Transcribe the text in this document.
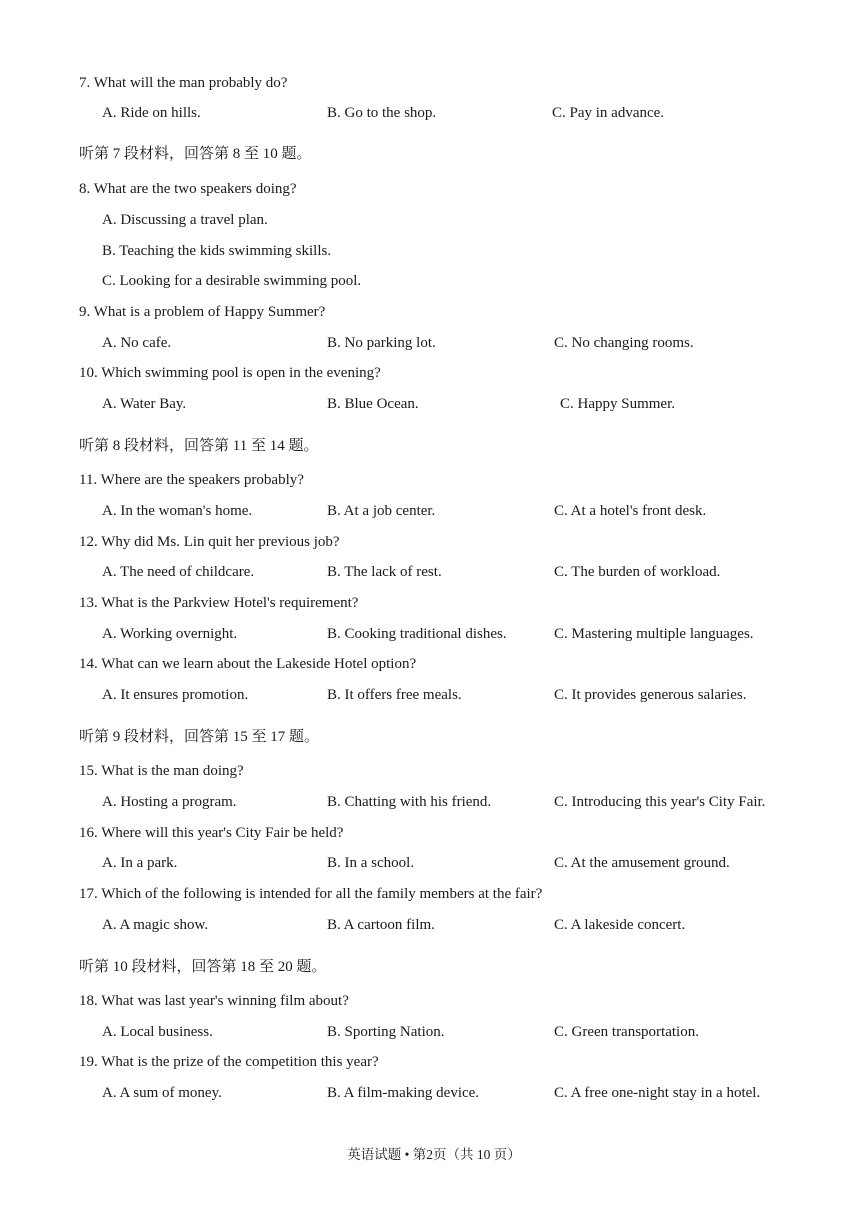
7. What will the man probably do?
A. Ride on hills.	B. Go to the shop.	C. Pay in advance.
听第 7 段材料，回答第 8 至 10 题。
8. What are the two speakers doing?
A. Discussing a travel plan.
B. Teaching the kids swimming skills.
C. Looking for a desirable swimming pool.
9. What is a problem of Happy Summer?
A. No cafe.	B. No parking lot.	C. No changing rooms.
10. Which swimming pool is open in the evening?
A. Water Bay.	B. Blue Ocean.	C. Happy Summer.
听第 8 段材料，回答第 11 至 14 题。
11. Where are the speakers probably?
A. In the woman's home.	B. At a job center.	C. At a hotel's front desk.
12. Why did Ms. Lin quit her previous job?
A. The need of childcare.	B. The lack of rest.	C. The burden of workload.
13. What is the Parkview Hotel's requirement?
A. Working overnight.	B. Cooking traditional dishes.	C. Mastering multiple languages.
14. What can we learn about the Lakeside Hotel option?
A. It ensures promotion.	B. It offers free meals.	C. It provides generous salaries.
听第 9 段材料，回答第 15 至 17 题。
15. What is the man doing?
A. Hosting a program.	B. Chatting with his friend.	C. Introducing this year's City Fair.
16. Where will this year's City Fair be held?
A. In a park.	B. In a school.	C. At the amusement ground.
17. Which of the following is intended for all the family members at the fair?
A. A magic show.	B. A cartoon film.	C. A lakeside concert.
听第 10 段材料，回答第 18 至 20 题。
18. What was last year's winning film about?
A. Local business.	B. Sporting Nation.	C. Green transportation.
19. What is the prize of the competition this year?
A. A sum of money.	B. A film-making device.	C. A free one-night stay in a hotel.
英语试题 • 第2页（共 10 页）
